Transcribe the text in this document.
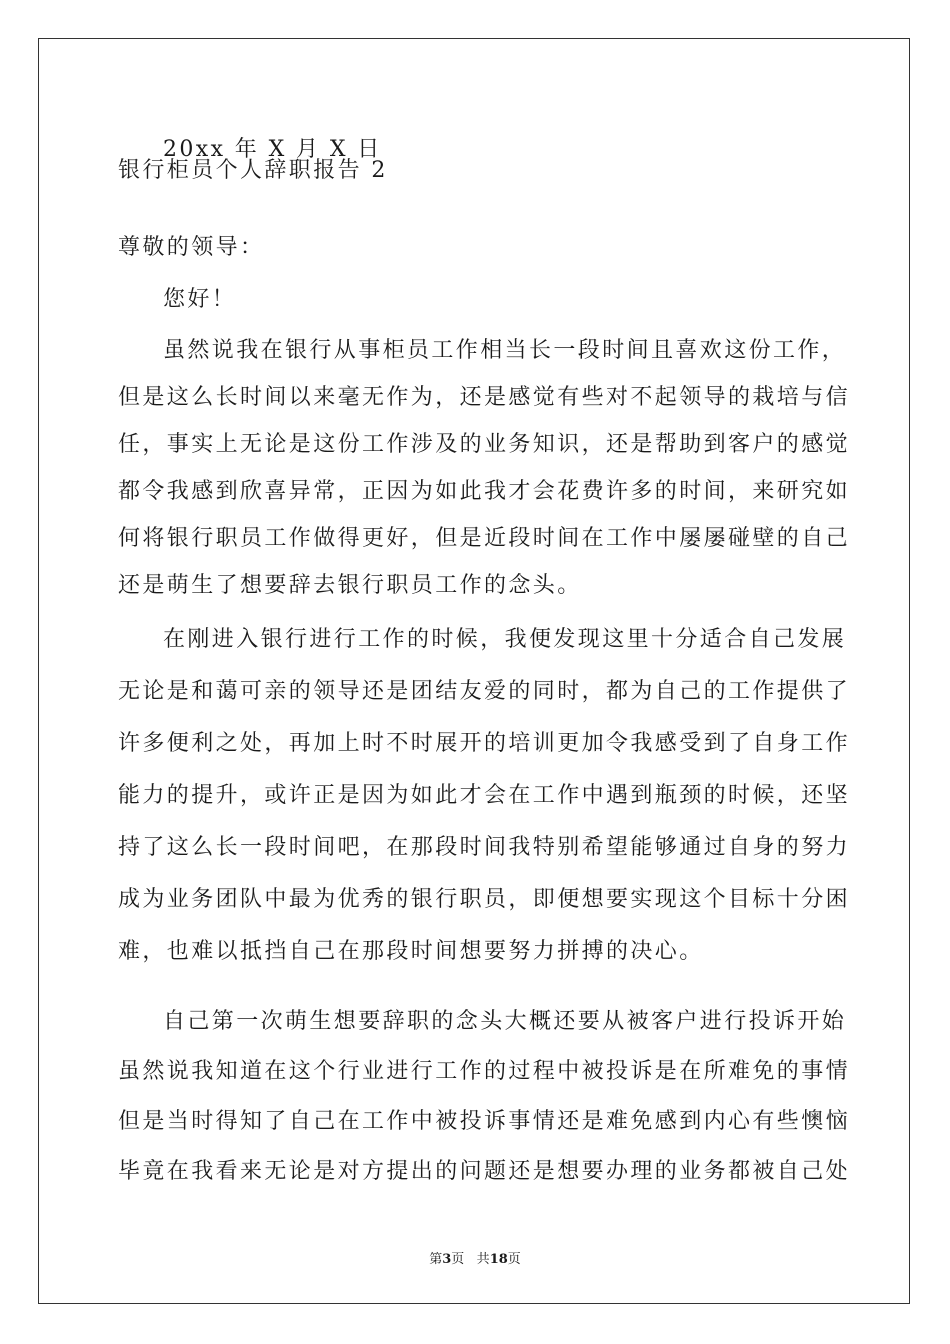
20xx 年 X 月 X 日
银行柜员个人辞职报告 2
尊敬的领导：
您好！
虽然说我在银行从事柜员工作相当长一段时间且喜欢这份工作，
但是这么长时间以来毫无作为，还是感觉有些对不起领导的栽培与信
任，事实上无论是这份工作涉及的业务知识，还是帮助到客户的感觉
都令我感到欣喜异常，正因为如此我才会花费许多的时间，来研究如
何将银行职员工作做得更好，但是近段时间在工作中屡屡碰壁的自己
还是萌生了想要辞去银行职员工作的念头。
在刚进入银行进行工作的时候，我便发现这里十分适合自己发展
无论是和蔼可亲的领导还是团结友爱的同时，都为自己的工作提供了
许多便利之处，再加上时不时展开的培训更加令我感受到了自身工作
能力的提升，或许正是因为如此才会在工作中遇到瓶颈的时候，还坚
持了这么长一段时间吧，在那段时间我特别希望能够通过自身的努力
成为业务团队中最为优秀的银行职员，即便想要实现这个目标十分困
难，也难以抵挡自己在那段时间想要努力拼搏的决心。
自己第一次萌生想要辞职的念头大概还要从被客户进行投诉开始
虽然说我知道在这个行业进行工作的过程中被投诉是在所难免的事情
但是当时得知了自己在工作中被投诉事情还是难免感到内心有些懊恼
毕竟在我看来无论是对方提出的问题还是想要办理的业务都被自己处
第3页 共18页
